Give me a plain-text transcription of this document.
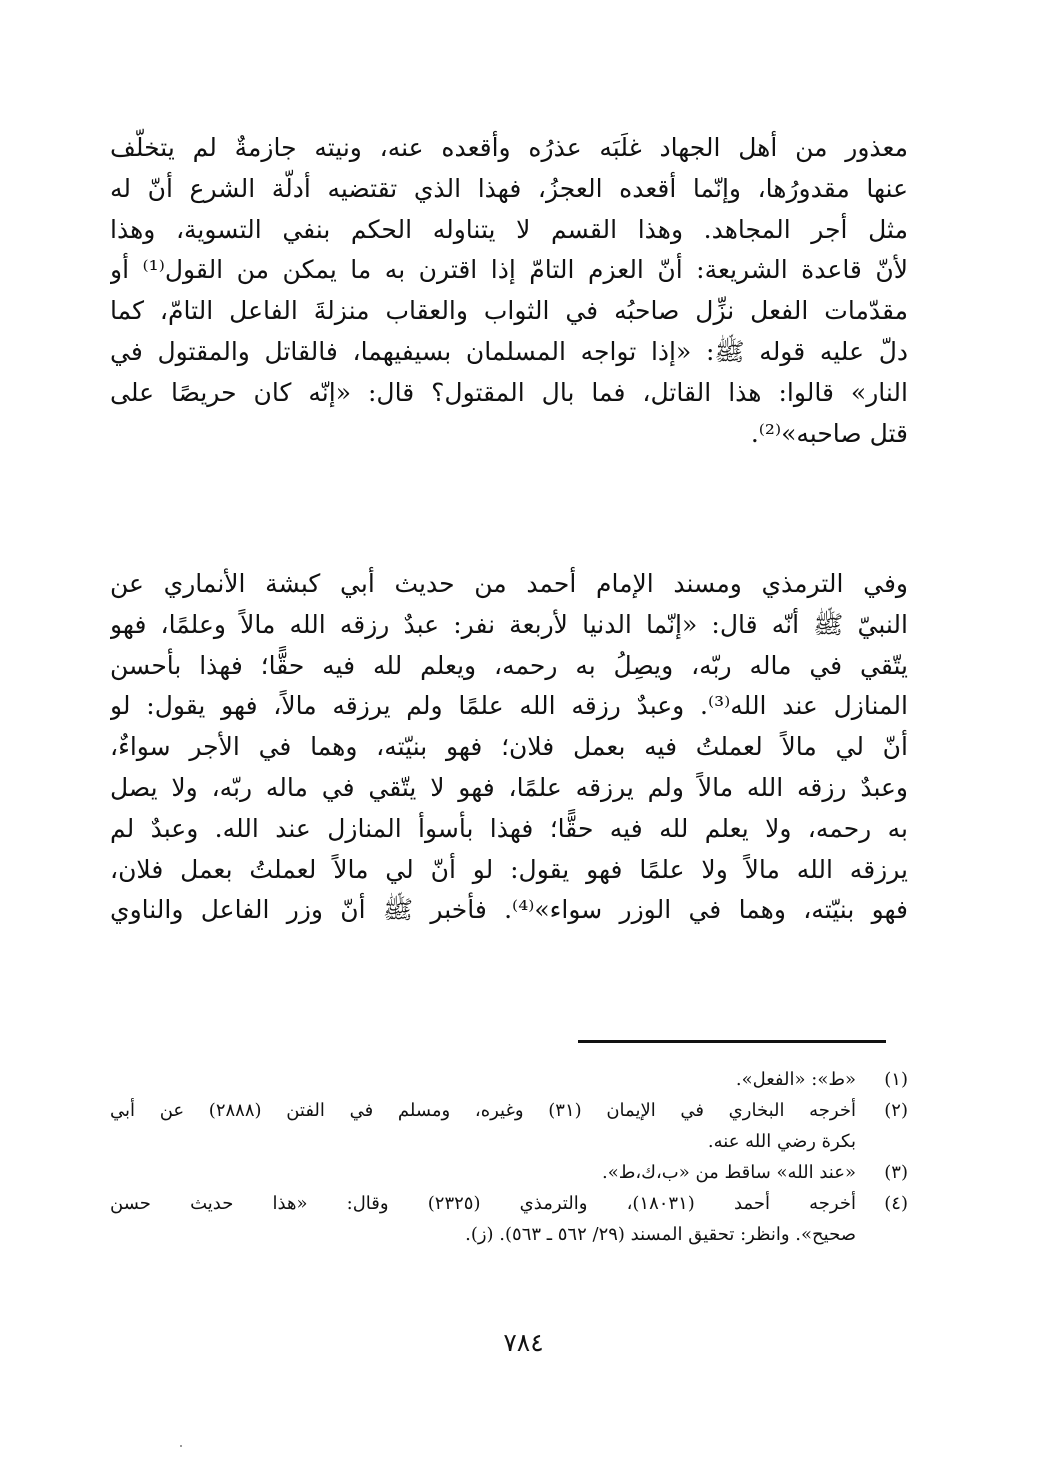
معذور من أهل الجهاد غلَبَه عذرُه وأقعده عنه، ونيته جازمةٌ لم يتخلّف
عنها مقدورُها، وإنّما أقعده العجزُ، فهذا الذي تقتضيه أدلّة الشرع أنّ له
مثل أجر المجاهد. وهذا القسم لا يتناوله الحكم بنفي التسوية، وهذا
لأنّ قاعدة الشريعة: أنّ العزم التامّ إذا اقترن به ما يمكن من القول⁽¹⁾ أو
مقدّمات الفعل نزِّل صاحبُه في الثواب والعقاب منزلةَ الفاعل التامّ، كما
دلّ عليه قوله ﷺ: «إذا تواجه المسلمان بسيفيهما، فالقاتل والمقتول في
النار» قالوا: هذا القاتل، فما بال المقتول؟ قال: «إنّه كان حريصًا على
قتل صاحبه»⁽²⁾.
وفي الترمذي ومسند الإمام أحمد من حديث أبي كبشة الأنماري عن
النبيّ ﷺ أنّه قال: «إنّما الدنيا لأربعة نفر: عبدٌ رزقه الله مالاً وعلمًا، فهو
يتّقي في ماله ربّه، ويصِلُ به رحمه، ويعلم لله فيه حقًّا؛ فهذا بأحسن
المنازل عند الله⁽³⁾. وعبدٌ رزقه الله علمًا ولم يرزقه مالاً، فهو يقول: لو
أنّ لي مالاً لعملتُ فيه بعمل فلان؛ فهو بنيّته، وهما في الأجر سواءٌ،
وعبدٌ رزقه الله مالاً ولم يرزقه علمًا، فهو لا يتّقي في ماله ربّه، ولا يصل
به رحمه، ولا يعلم لله فيه حقًّا؛ فهذا بأسوأ المنازل عند الله. وعبدٌ لم
يرزقه الله مالاً ولا علمًا فهو يقول: لو أنّ لي مالاً لعملتُ بعمل فلان،
فهو بنيّته، وهما في الوزر سواء»⁽⁴⁾. فأخبر ﷺ أنّ وزر الفاعل والناوي
(١)
«ط»: «الفعل».
(٢)
أخرجه البخاري في الإيمان (٣١) وغيره، ومسلم في الفتن (٢٨٨٨) عن أبي
بكرة رضي الله عنه.
(٣)
«عند الله» ساقط من «ب،ك،ط».
(٤)
أخرجه أحمد (١٨٠٣١)، والترمذي (٢٣٢٥) وقال: «هذا حديث حسن
صحيح». وانظر: تحقيق المسند (٢٩/ ٥٦٢ ـ ٥٦٣). (ز).
٧٨٤
